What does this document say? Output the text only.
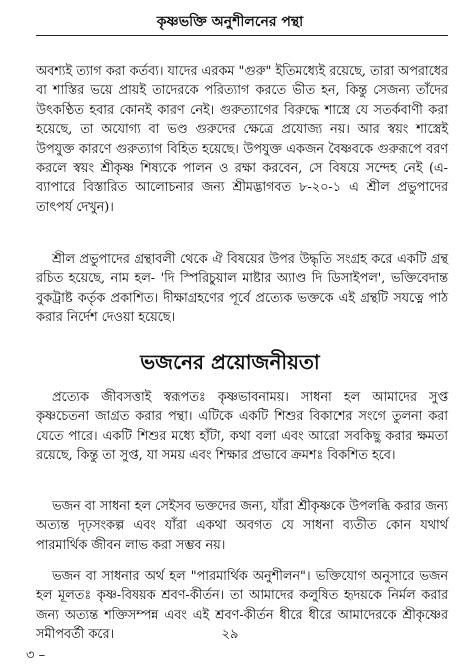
কৃষ্ণভক্তি অনুশীলনের পন্থা

অবশ্যই ত্যাগ করা কর্তব্য। যাদের এরকম "গুরু" ইতিমধ্যেই রয়েছে, তারা অপরাধের বা শাস্তির ভয়ে প্রায়ই তাদেরকে পরিত্যাগ করতে ভীত হন, কিন্তু সেজন্য তাঁদের উৎকণ্ঠিত হবার কোনই কারণ নেই। গুরুত্যাগের বিরুদ্ধে শাস্ত্রে যে সতর্কবাণী করা হয়েছে, তা অযোগ্য বা ভণ্ড গুরুদের ক্ষেত্রে প্রযোজ্য নয়। আর স্বয়ং শাস্ত্রেই উপযুক্ত কারণে গুরুত্যাগ বিহিত হয়েছে। উপযুক্ত একজন বৈষ্ণবকে গুরুরূপে বরণ করলে স্বয়ং শ্রীকৃষ্ণ শিষ্যকে পালন ও রক্ষা করবেন, সে বিষয়ে সন্দেহ নেই (এ-ব্যাপারে বিস্তারিত আলোচনার জন্য শ্রীমদ্ভাগবত ৮-২০-১ এ শ্রীল প্রভুপাদের তাৎপর্য দেখুন)।

শ্রীল প্রভুপাদের গ্রন্থাবলী থেকে ঐ বিষয়ের উপর উদ্ধৃতি সংগ্রহ করে একটি গ্রন্থ রচিত হয়েছে, নাম হল- 'দি স্পিরিচুয়াল মাষ্টার অ্যাণ্ড দি ডিসাইপল', ভক্তিবেদান্ত বুকট্রাষ্ট কর্তৃক প্রকাশিত। দীক্ষাগ্রহণের পূর্বে প্রত্যেক ভক্তকে এই গ্রন্থটি সযত্নে পাঠ করার নির্দেশ দেওয়া হয়েছে।

ভজনের প্রয়োজনীয়তা

প্রত্যেক জীবসত্তাই স্বরূপতঃ কৃষ্ণভাবনাময়। সাধনা হল আমাদের সুপ্ত কৃষ্ণচেতনা জাগ্রত করার পন্থা। এটিকে একটি শিশুর বিকাশের সংগে তুলনা করা যেতে পারে। একটি শিশুর মধ্যে হাঁটা, কথা বলা এবং আরো সবকিছু করার ক্ষমতা রয়েছে, কিন্তু তা সুপ্ত, যা সময় এবং শিক্ষার প্রভাবে ক্রমশঃ বিকশিত হবে।

ভজন বা সাধনা হল সেইসব ভক্তদের জন্য, যাঁরা শ্রীকৃষ্ণকে উপলব্ধি করার জন্য অত্যন্ত দৃঢ়সংকল্প এবং যাঁরা একথা অবগত যে সাধনা ব্যতীত কোন যথার্থ পারমার্থিক জীবন লাভ করা সম্ভব নয়।

ভজন বা সাধনার অর্থ হল "পারমার্থিক অনুশীলন"। ভক্তিযোগ অনুসারে ভজন হল মূলতঃ কৃষ্ণ-বিষয়ক শ্রবণ-কীর্তন। তা আমাদের কলুষিত হৃদয়কে নির্মল করার জন্য অত্যন্ত শক্তিসম্পন্ন এবং এই শ্রবণ-কীর্তন ধীরে ধীরে আমাদেরকে শ্রীকৃষ্ণের সমীপবর্তী করে।	২৯
৩ –
